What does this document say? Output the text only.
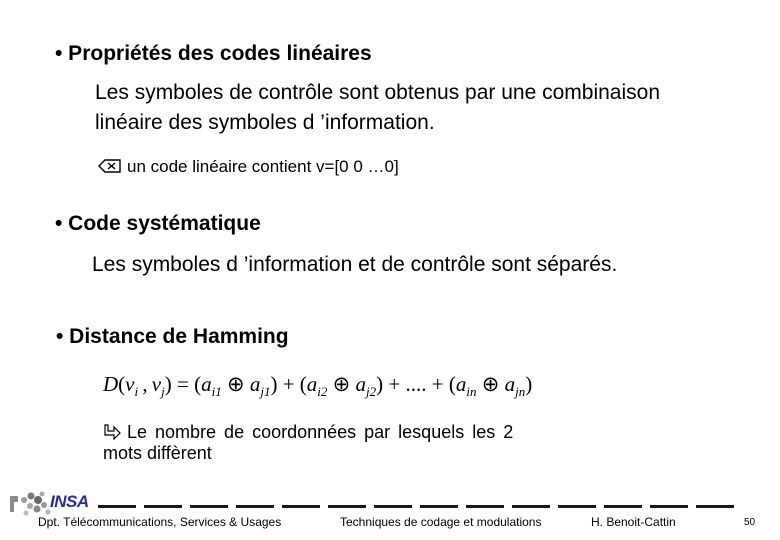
• Propriétés des codes linéaires
Les symboles de contrôle sont obtenus par une combinaison
linéaire des symboles d ’information.
un code linéaire contient v=[0 0 …0]
• Code systématique
Les symboles d ’information et de contrôle sont séparés.
• Distance de Hamming
$D(v_i$ , $v_j) = (a_{i1}$ ⊕ $a_{j1}) + (a_{i2}$ ⊕ $a_{j2}$) + .... + ($a_{in}$ ⊕ $a_{jn}$)
Le nombre de coordonnées par lesquels les 2
mots diffèrent
INSA
Dpt. Télécommunications, Services & Usages	Techniques de codage et modulations	H. Benoit-Cattin	50
